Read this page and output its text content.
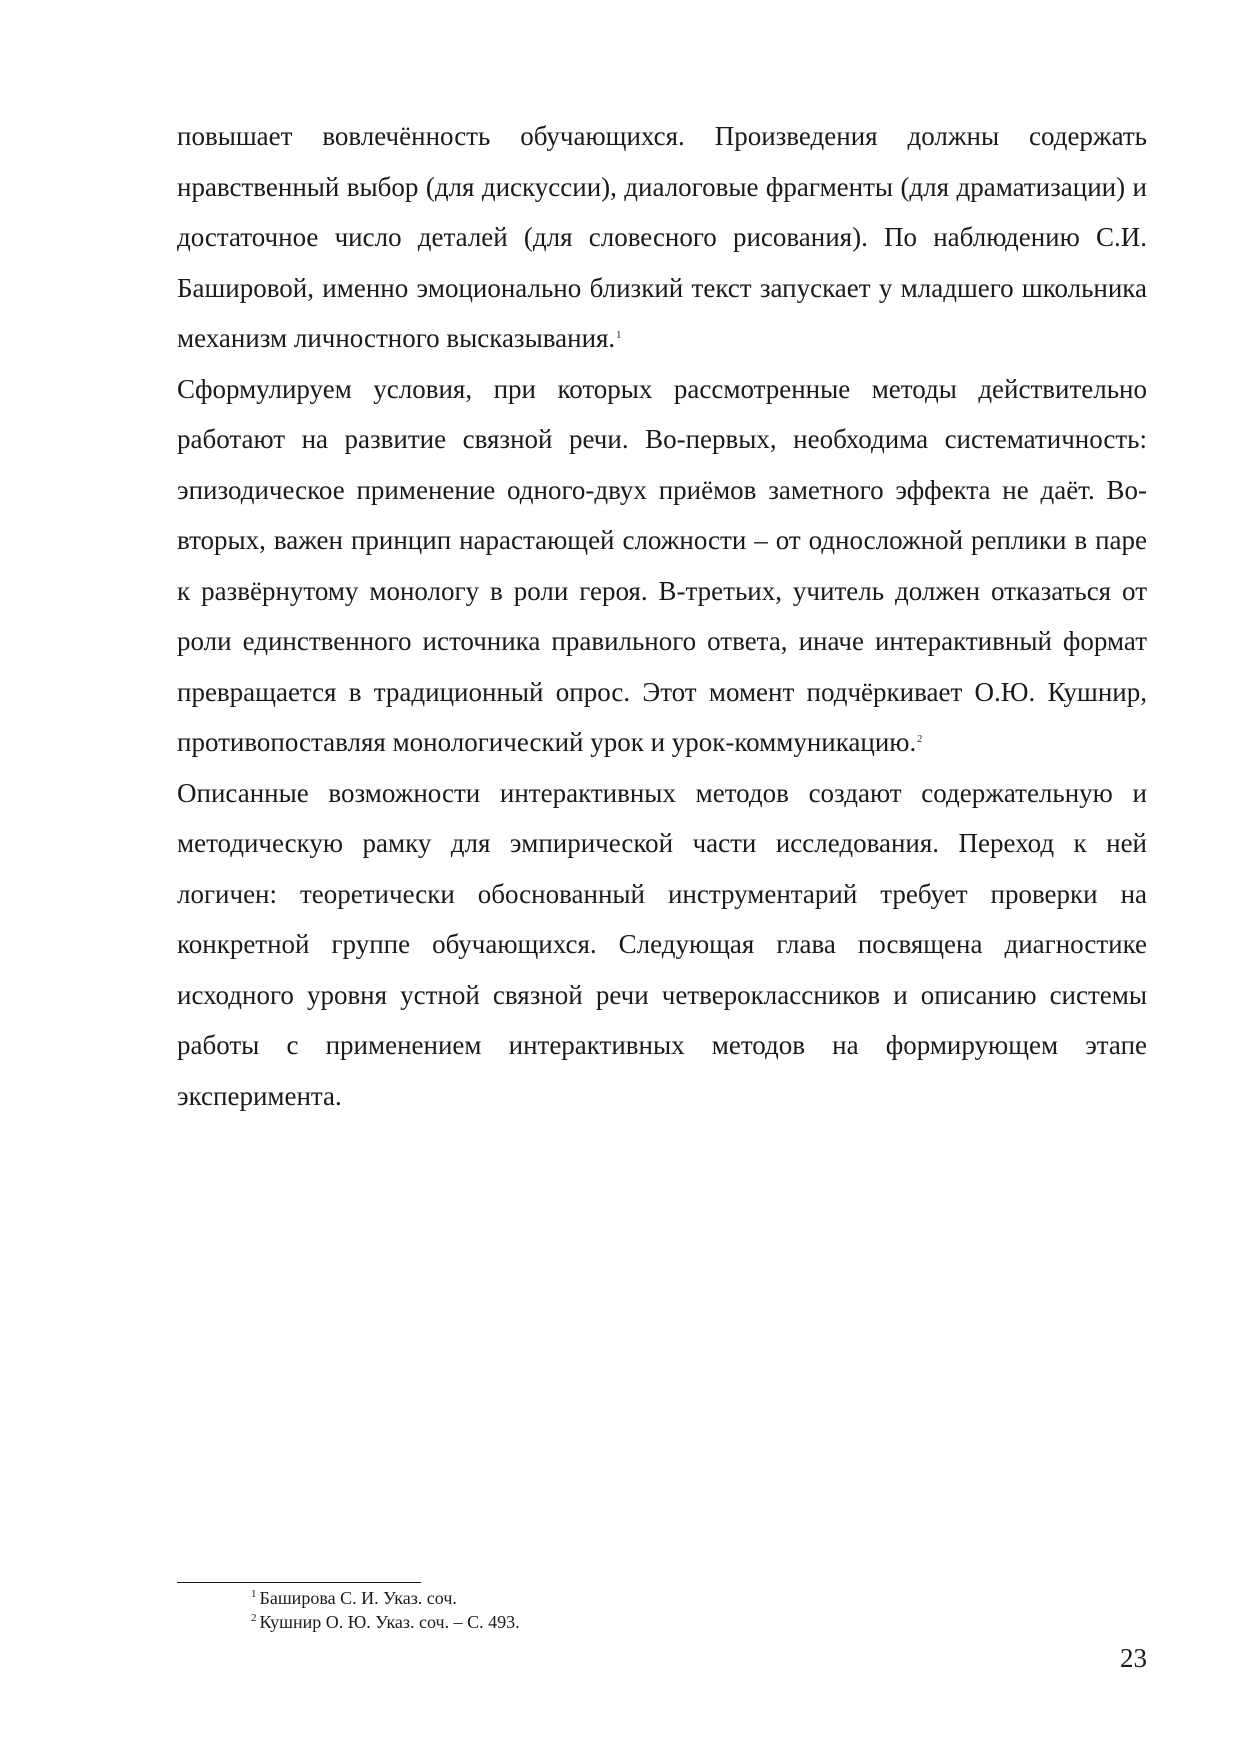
повышает вовлечённость обучающихся. Произведения должны содержать нравственный выбор (для дискуссии), диалоговые фрагменты (для драматизации) и достаточное число деталей (для словесного рисования). По наблюдению С.И. Башировой, именно эмоционально близкий текст запускает у младшего школьника механизм личностного высказывания.$^1$

Сформулируем условия, при которых рассмотренные методы действительно работают на развитие связной речи. Во-первых, необходима систематичность: эпизодическое применение одного-двух приёмов заметного эффекта не даёт. Во-вторых, важен принцип нарастающей сложности – от односложной реплики в паре к развёрнутому монологу в роли героя. В-третьих, учитель должен отказаться от роли единственного источника правильного ответа, иначе интерактивный формат превращается в традиционный опрос. Этот момент подчёркивает О.Ю. Кушнир, противопоставляя монологический урок и урок-коммуникацию.$^2$

Описанные возможности интерактивных методов создают содержательную и методическую рамку для эмпирической части исследования. Переход к ней логичен: теоретически обоснованный инструментарий требует проверки на конкретной группе обучающихся. Следующая глава посвящена диагностике исходного уровня устной связной речи четвероклассников и описанию системы работы с применением интерактивных методов на формирующем этапе эксперимента.

$^1$ Баширова С. И. Указ. соч.

$^2$ Кушнир О. Ю. Указ. соч. – С. 493.

23
